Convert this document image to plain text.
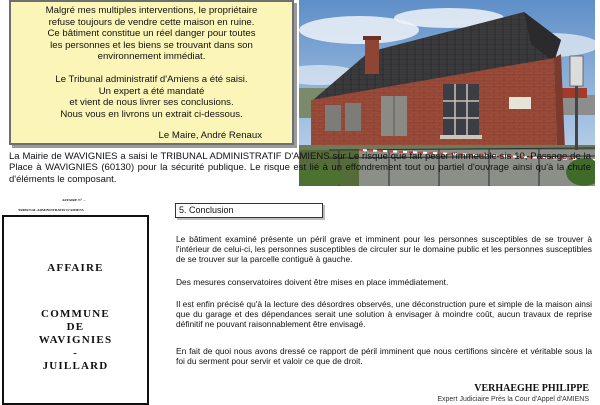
Malgré mes multiples interventions, le propriétaire

refuse toujours de vendre cette maison en ruine.

Ce bâtiment constitue un réel danger pour toutes

les personnes et les biens se trouvant dans son

environnement immédiat.

Le Tribunal administratif d'Amiens a été saisi.

Un expert a été mandaté

et vient de nous livrer ses conclusions.

Nous vous en livrons un extrait ci-dessous.

Le Maire, André Renaux
La Mairie de WAVIGNIES a saisi le TRIBUNAL ADMINISTRATIF D'AMIENS sur Le risque que fait peser l'immeuble sis 10, Passage de la Place à WAVIGNIES (60130) pour la sécurité publique. Le risque est lié à un effondrement tout ou partiel d'ouvrage ainsi qu'à la chute d'éléments le composant.
TRIBUNAL ADMINISTRATIF D'AMIENS
AFFAIRE N° ...
AFFAIRE
COMMUNE
DE
WAVIGNIES
-
JUILLARD
5. Conclusion

Le bâtiment examiné présente un péril grave et imminent pour les personnes susceptibles de se trouver à l'intérieur de celui-ci, les personnes susceptibles de circuler sur le domaine public et les personnes susceptibles de se trouver sur la parcelle contiguë à gauche.

Des mesures conservatoires doivent être mises en place immédiatement.

Il est enfin précisé qu'à la lecture des désordres observés, une déconstruction pure et simple de la maison ainsi que du garage et des dépendances serait une solution à envisager à moindre coût, aucun travaux de reprise définitif ne pouvant raisonnablement être envisagé.

En fait de quoi nous avons dressé ce rapport de péril imminent que nous certifions sincère et véritable sous la foi du serment pour servir et valoir ce que de droit.

VERHAEGHE PHILIPPE
Expert Judiciaire Près la Cour d'Appel d'AMIENS
